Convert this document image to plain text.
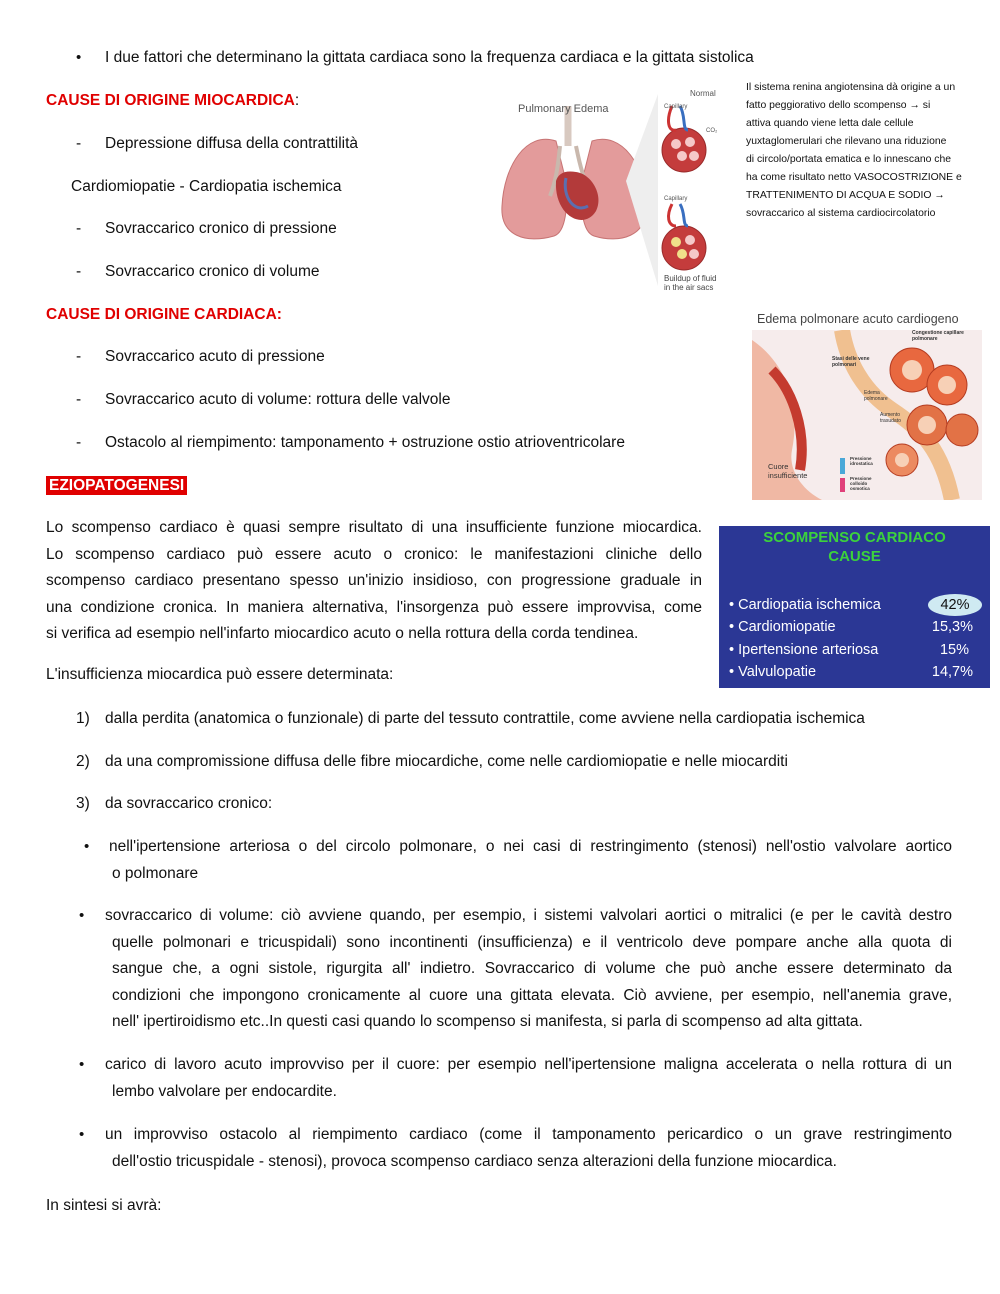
• I due fattori che determinano la gittata cardiaca sono la frequenza cardiaca e la gittata sistolica
CAUSE DI ORIGINE MIOCARDICA:
- Depressione diffusa della contrattilità
Cardiomiopatie - Cardiopatia ischemica
- Sovraccarico cronico di pressione
- Sovraccarico cronico di volume
CAUSE DI ORIGINE CARDIACA:
- Sovraccarico acuto di pressione
- Sovraccarico acuto di volume: rottura delle valvole
- Ostacolo al riempimento: tamponamento + ostruzione ostio atrioventricolare
Il sistema renina angiotensina dà origine a un
fatto peggiorativo dello scompenso → si
attiva quando viene letta dale cellule
yuxtaglomerulari che rilevano una riduzione
di circolo/portata ematica e lo innescano che
ha come risultato netto VASOCOSTRIZIONE e
TRATTENIMENTO DI ACQUA E SODIO →
sovraccarico al sistema cardiocircolatorio
Pulmonary Edema
Normal
Capillary
CO₂
Capillary
Buildup of fluid
in the air sacs
Edema polmonare acuto cardiogeno
Congestione capillare
polmonare
Stasi delle vene
polmonari
Edema
polmonare
Aumento
trasudato
Cuore
insufficiente
Pressione
idrostatica
Pressione
colloido
osmotica
EZIOPATOGENESI
Lo scompenso cardiaco è quasi sempre risultato di una insufficiente funzione miocardica.
Lo scompenso cardiaco può essere acuto o cronico: le manifestazioni cliniche dello
scompenso cardiaco presentano spesso un'inizio insidioso, con progressione graduale in
una condizione cronica. In maniera alternativa, l'insorgenza può essere improvvisa, come
si verifica ad esempio nell'infarto miocardico acuto o nella rottura della corda tendinea.
L'insufficienza miocardica può essere determinata:
SCOMPENSO CARDIACO
CAUSE
• Cardiopatia ischemica	42%
• Cardiomiopatie	15,3%
• Ipertensione arteriosa	15%
• Valvulopatie	14,7%
1) dalla perdita (anatomica o funzionale) di parte del tessuto contrattile, come avviene nella cardiopatia ischemica
2) da una compromissione diffusa delle fibre miocardiche, come nelle cardiomiopatie e nelle miocarditi
3) da sovraccarico cronico:
• nell'ipertensione arteriosa o del circolo polmonare, o nei casi di restringimento (stenosi) nell'ostio valvolare aortico
o polmonare
• sovraccarico di volume: ciò avviene quando, per esempio, i sistemi valvolari aortici o mitralici (e per le cavità destro
quelle polmonari e tricuspidali) sono incontinenti (insufficienza) e il ventricolo deve pompare anche alla quota di
sangue che, a ogni sistole, rigurgita all' indietro. Sovraccarico di volume che può anche essere determinato da
condizioni che impongono cronicamente al cuore una gittata elevata. Ciò avviene, per esempio, nell'anemia grave,
nell' ipertiroidismo etc..In questi casi quando lo scompenso si manifesta, si parla di scompenso ad alta gittata.
• carico di lavoro acuto improvviso per il cuore: per esempio nell'ipertensione maligna accelerata o nella rottura di un
lembo valvolare per endocardite.
• un improvviso ostacolo al riempimento cardiaco (come il tamponamento pericardico o un grave restringimento
dell'ostio tricuspidale - stenosi), provoca scompenso cardiaco senza alterazioni della funzione miocardica.
In sintesi si avrà:
